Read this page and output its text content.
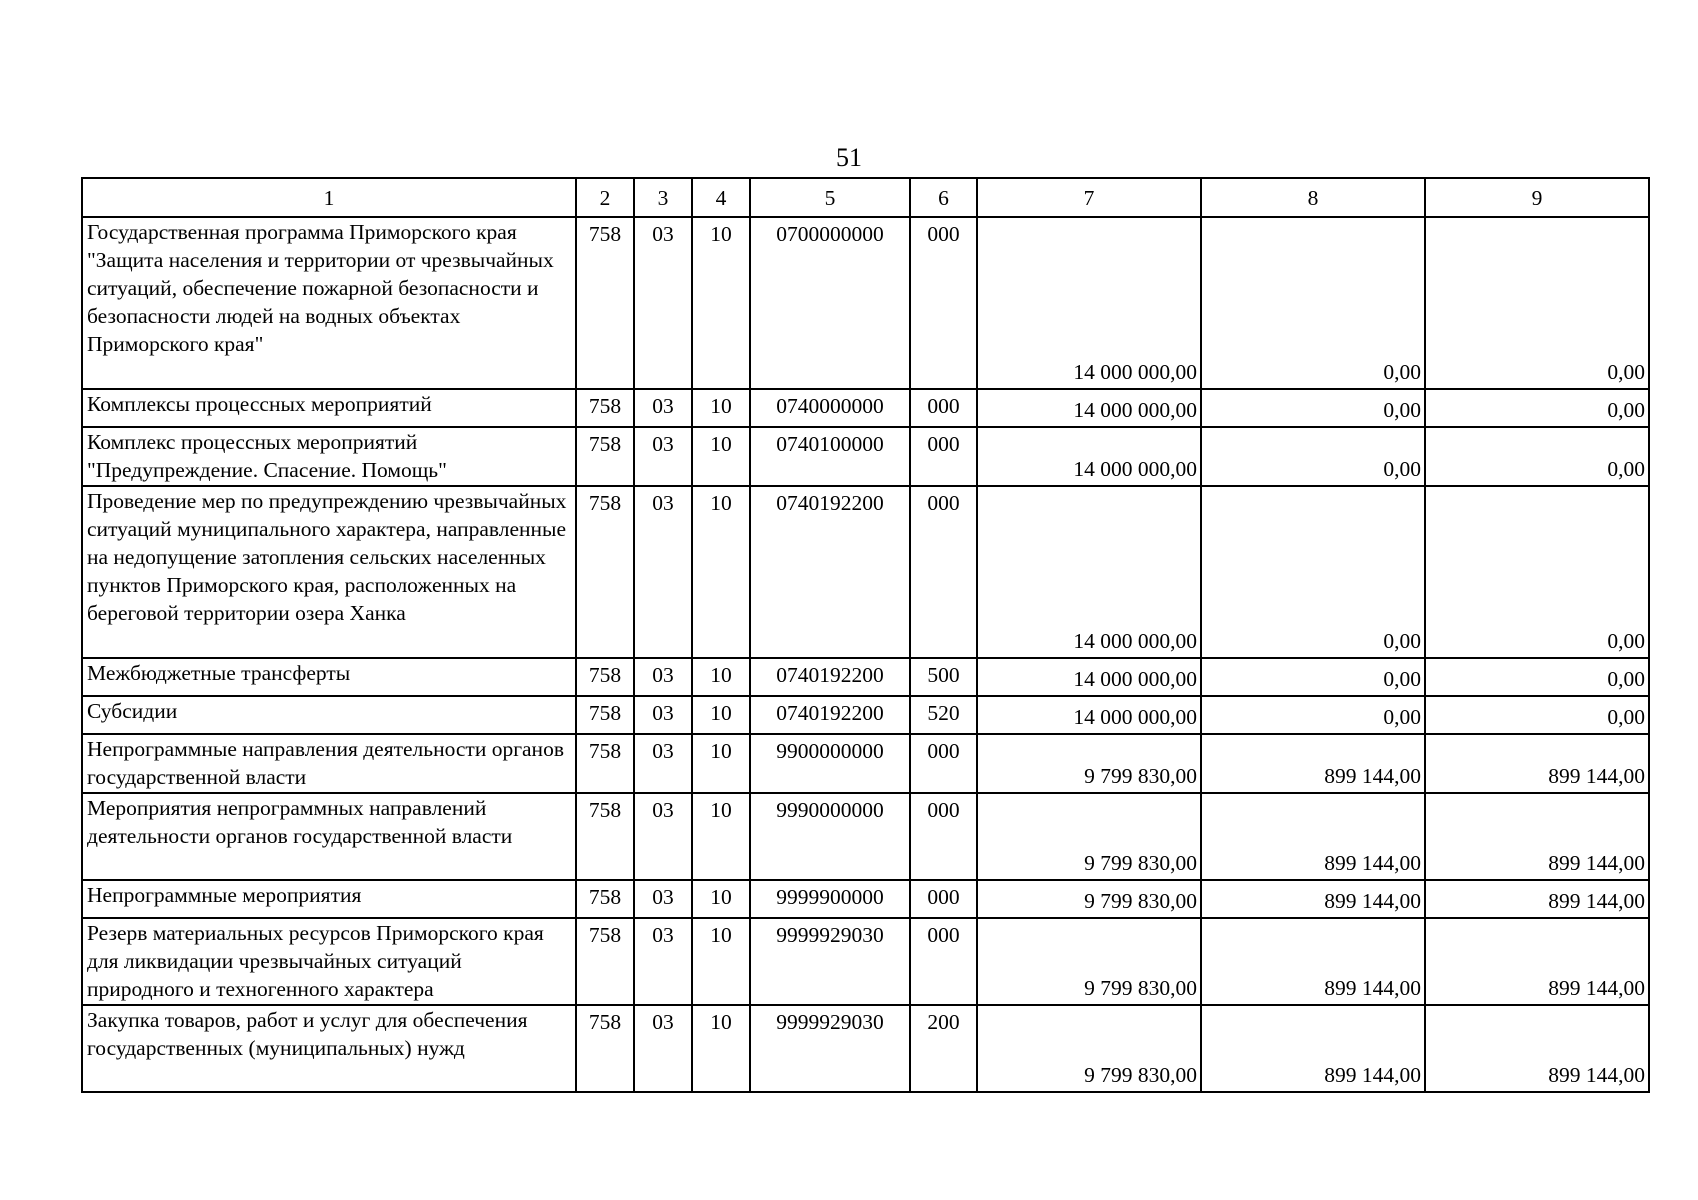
51
1	2	3	4	5	6	7	8	9
Государственная программа Приморского края "Защита населения и территории от чрезвычайных ситуаций, обеспечение пожарной безопасности и безопасности людей на водных объектах Приморского края"	758	03	10	0700000000	000	14 000 000,00	0,00	0,00
Комплексы процессных мероприятий	758	03	10	0740000000	000	14 000 000,00	0,00	0,00
Комплекс процессных мероприятий "Предупреждение. Спасение. Помощь"	758	03	10	0740100000	000	14 000 000,00	0,00	0,00
Проведение мер по предупреждению чрезвычайных ситуаций муниципального характера, направленные на недопущение затопления сельских населенных пунктов Приморского края, расположенных на береговой территории озера Ханка	758	03	10	0740192200	000	14 000 000,00	0,00	0,00
Межбюджетные трансферты	758	03	10	0740192200	500	14 000 000,00	0,00	0,00
Субсидии	758	03	10	0740192200	520	14 000 000,00	0,00	0,00
Непрограммные направления деятельности органов государственной власти	758	03	10	9900000000	000	9 799 830,00	899 144,00	899 144,00
Мероприятия непрограммных направлений деятельности органов государственной власти	758	03	10	9990000000	000	9 799 830,00	899 144,00	899 144,00
Непрограммные мероприятия	758	03	10	9999900000	000	9 799 830,00	899 144,00	899 144,00
Резерв материальных ресурсов Приморского края для ликвидации чрезвычайных ситуаций природного и техногенного характера	758	03	10	9999929030	000	9 799 830,00	899 144,00	899 144,00
Закупка товаров, работ и услуг для обеспечения государственных (муниципальных) нужд	758	03	10	9999929030	200	9 799 830,00	899 144,00	899 144,00
